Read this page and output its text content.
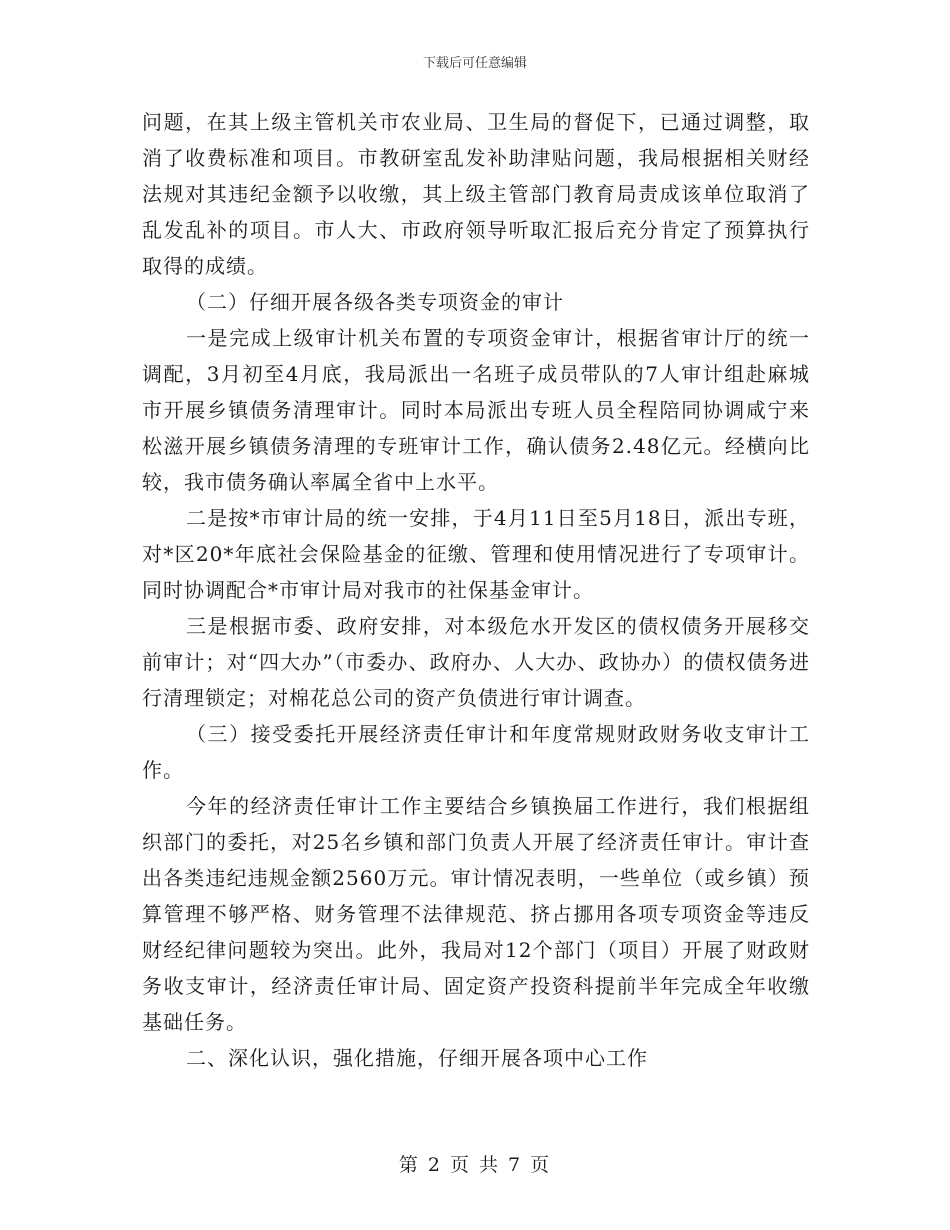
下载后可任意编辑

问题，在其上级主管机关市农业局、卫生局的督促下，已通过调整，取消了收费标准和项目。市教研室乱发补助津贴问题，我局根据相关财经法规对其违纪金额予以收缴，其上级主管部门教育局责成该单位取消了乱发乱补的项目。市人大、市政府领导听取汇报后充分肯定了预算执行取得的成绩。

（二）仔细开展各级各类专项资金的审计

一是完成上级审计机关布置的专项资金审计，根据省审计厅的统一调配，3月初至4月底，我局派出一名班子成员带队的7人审计组赴麻城市开展乡镇债务清理审计。同时本局派出专班人员全程陪同协调咸宁来松滋开展乡镇债务清理的专班审计工作，确认债务2.48亿元。经横向比较，我市债务确认率属全省中上水平。

二是按*市审计局的统一安排，于4月11日至5月18日，派出专班，对*区20*年底社会保险基金的征缴、管理和使用情况进行了专项审计。同时协调配合*市审计局对我市的社保基金审计。

三是根据市委、政府安排，对本级危水开发区的债权债务开展移交前审计；对“四大办”（市委办、政府办、人大办、政协办）的债权债务进行清理锁定；对棉花总公司的资产负债进行审计调查。

（三）接受委托开展经济责任审计和年度常规财政财务收支审计工作。

今年的经济责任审计工作主要结合乡镇换届工作进行，我们根据组织部门的委托，对25名乡镇和部门负责人开展了经济责任审计。审计查出各类违纪违规金额2560万元。审计情况表明，一些单位（或乡镇）预算管理不够严格、财务管理不法律规范、挤占挪用各项专项资金等违反财经纪律问题较为突出。此外，我局对12个部门（项目）开展了财政财务收支审计，经济责任审计局、固定资产投资科提前半年完成全年收缴基础任务。

二、深化认识，强化措施，仔细开展各项中心工作

第 2 页 共 7 页
